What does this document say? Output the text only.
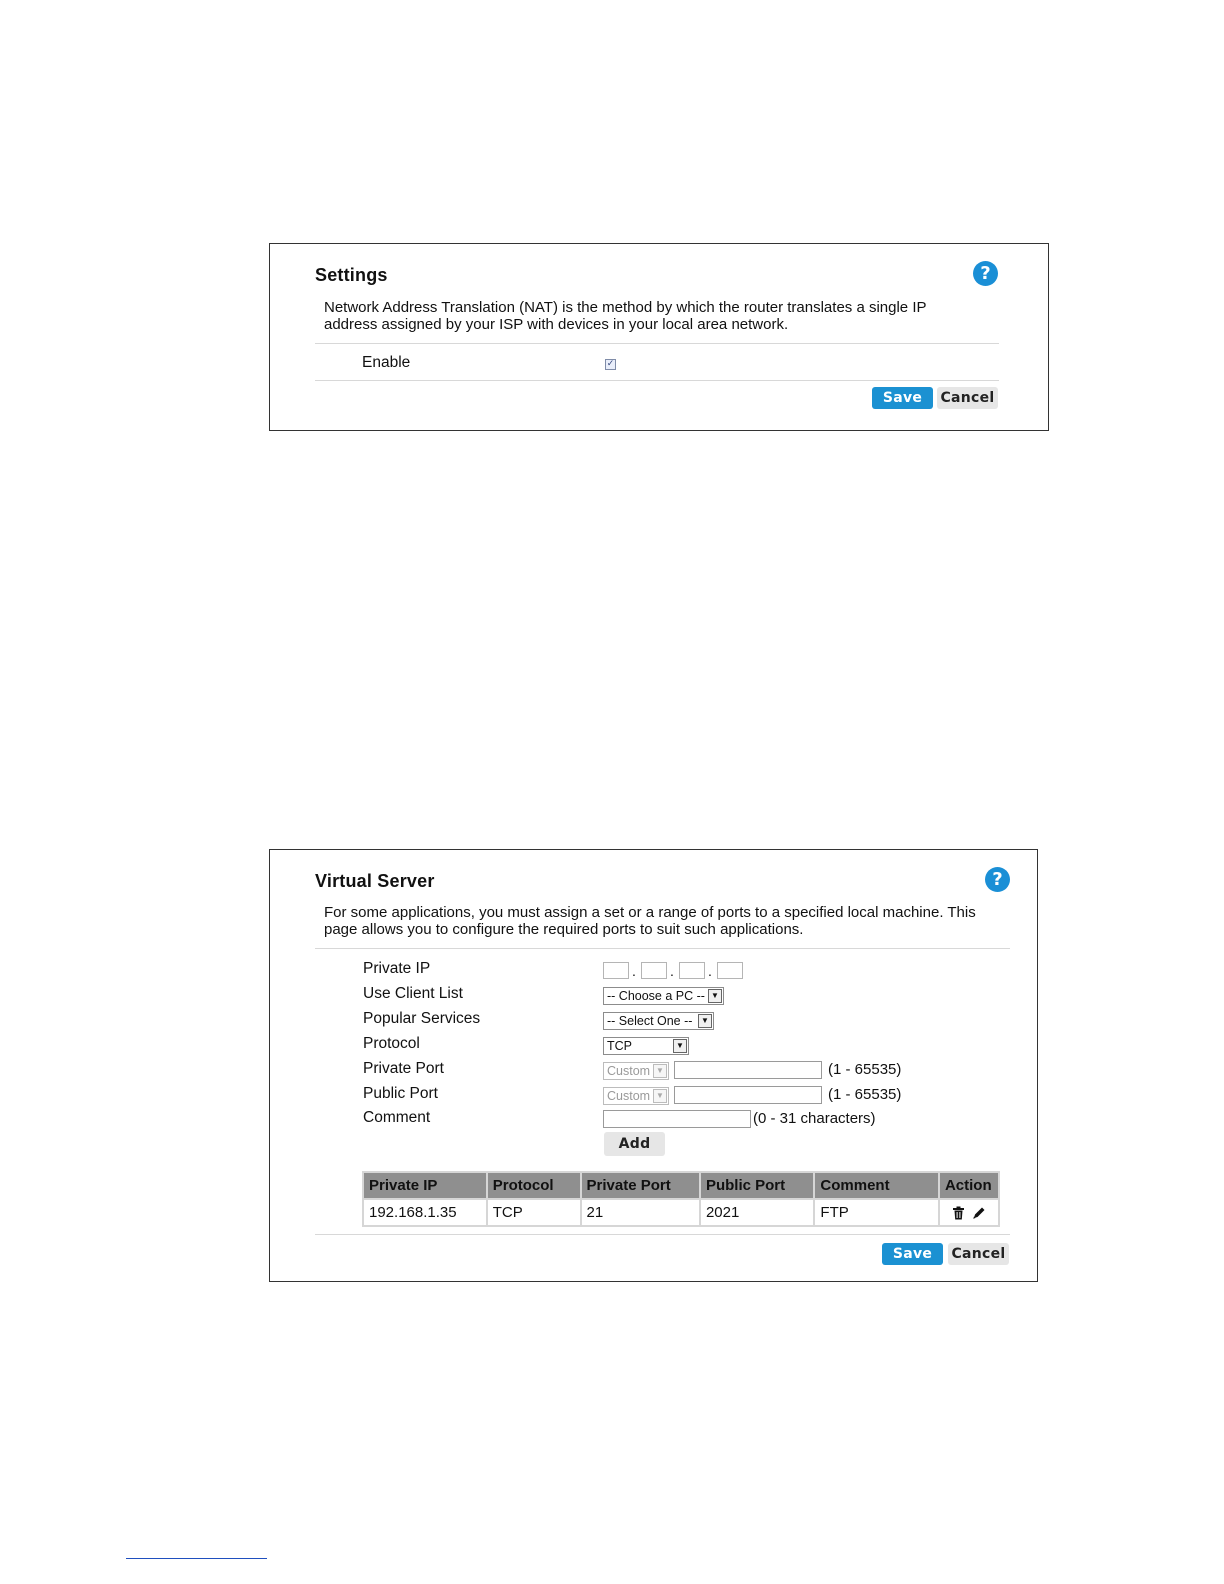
Settings	?
Network Address Translation (NAT) is the method by which the router translates a single IP
address assigned by your ISP with devices in your local area network.
Enable	✓
Save	Cancel
Virtual Server	?
For some applications, you must assign a set or a range of ports to a specified local machine. This
page allows you to configure the required ports to suit such applications.
Private IP	. . .
Use Client List	-- Choose a PC -- ▼
Popular Services	-- Select One --	▼
Protocol	TCP	▼
Private Port	Custom ▼	(1 - 65535)
Public Port	Custom ▼	(1 - 65535)
Comment	(0 - 31 characters)
Add
Private IP	Protocol	Private Port	Public Port	Comment	Action
192.168.1.35	TCP	21	2021	FTP	
Save	Cancel
